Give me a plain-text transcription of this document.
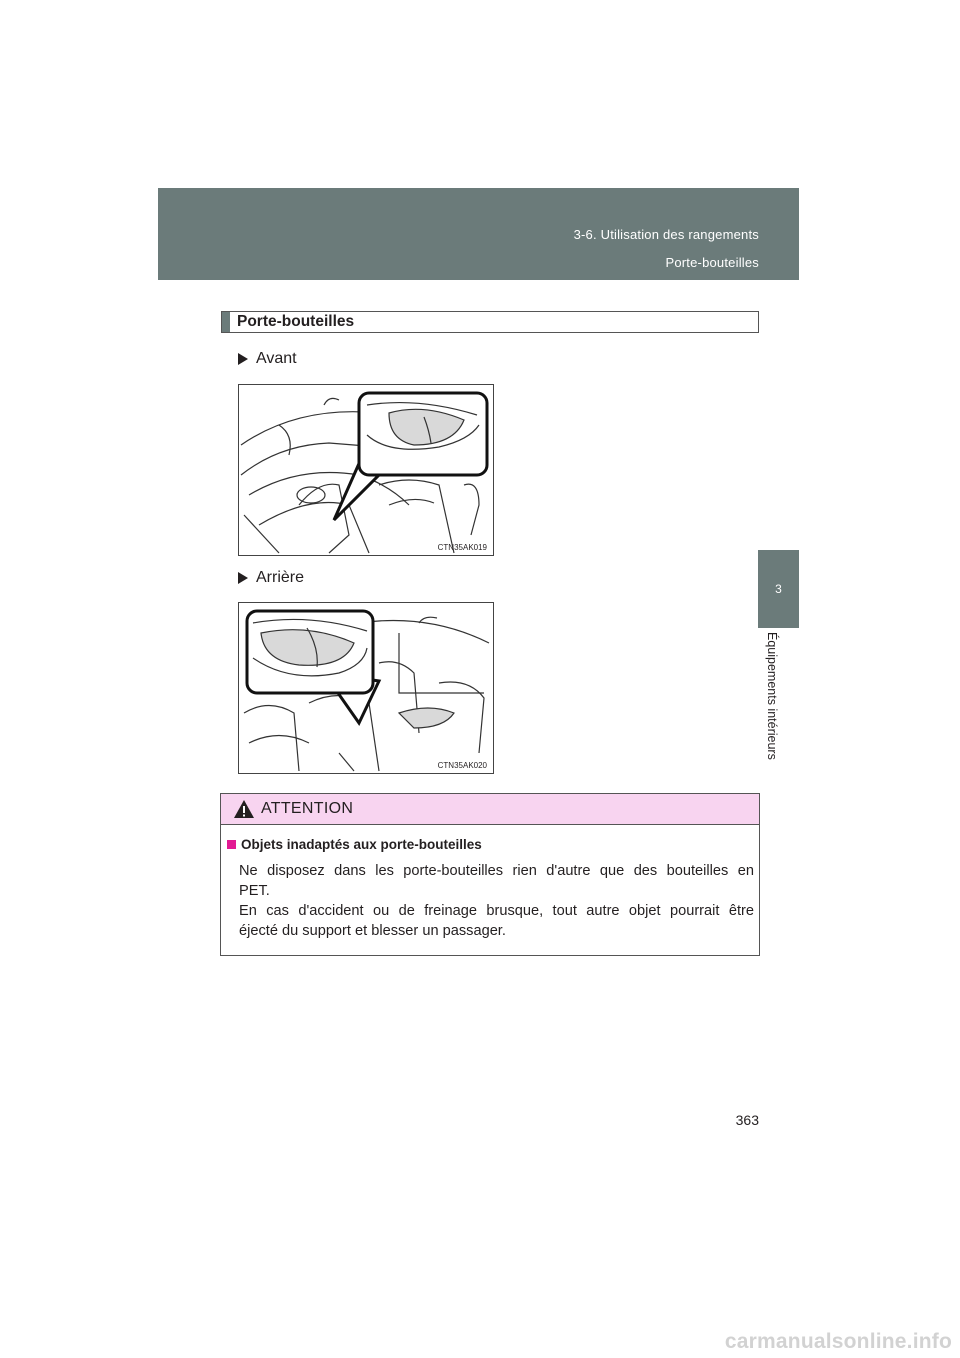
3-6. Utilisation des rangements
Porte-bouteilles
3
Équipements intérieurs
Porte-bouteilles
Avant
CTN35AK019
Arrière
CTN35AK020
ATTENTION
Objets inadaptés aux porte-bouteilles

Ne disposez dans les porte-bouteilles rien d'autre que des bouteilles en

PET.

En cas d'accident ou de freinage brusque, tout autre objet pourrait être

éjecté du support et blesser un passager.

363
carmanualsonline.info
